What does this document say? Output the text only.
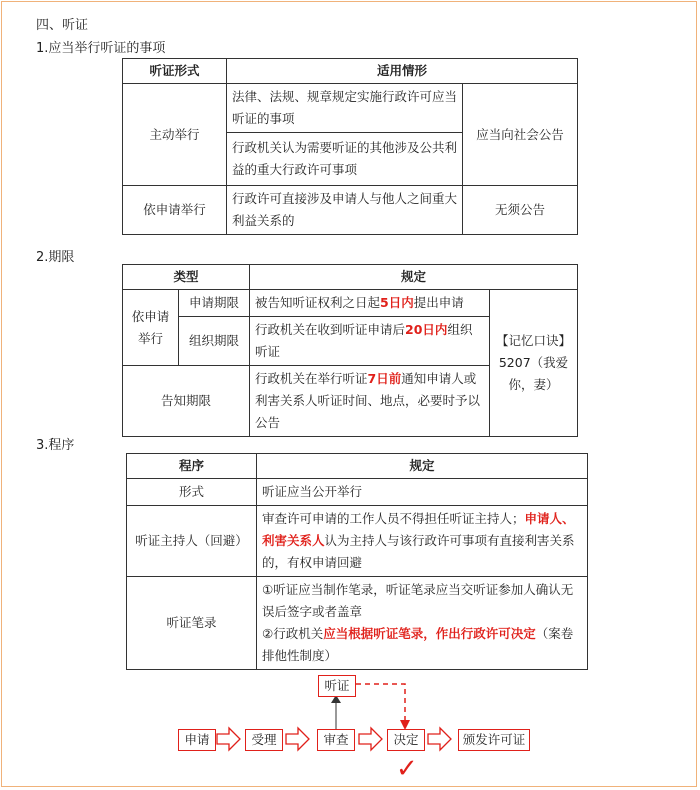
四、听证
1.应当举行听证的事项
听证形式	适用情形	
主动举行	法律、法规、规章规定实施行政许可应当听证的事项	应当向社会公告
	行政机关认为需要听证的其他涉及公共利益的重大行政许可事项	
依申请举行	行政许可直接涉及申请人与他人之间重大利益关系的	无须公告
2.期限
类型		规定	
依申请举行	申请期限	被告知听证权利之日起5日内提出申请	【记忆口诀】5207（我爱你，妻）
	组织期限	行政机关在收到听证申请后20日内组织听证	
告知期限		行政机关在举行听证7日前通知申请人或利害关系人听证时间、地点，必要时予以公告	
3.程序
程序	规定
形式	听证应当公开举行
听证主持人（回避）	审查许可申请的工作人员不得担任听证主持人；申请人、利害关系人认为主持人与该行政许可事项有直接利害关系的，有权申请回避
听证笔录	①听证应当制作笔录，听证笔录应当交听证参加人确认无误后签字或者盖章
②行政机关应当根据听证笔录，作出行政许可决定（案卷排他性制度）
听证
申请	受理	审查	决定	颁发许可证
✓
